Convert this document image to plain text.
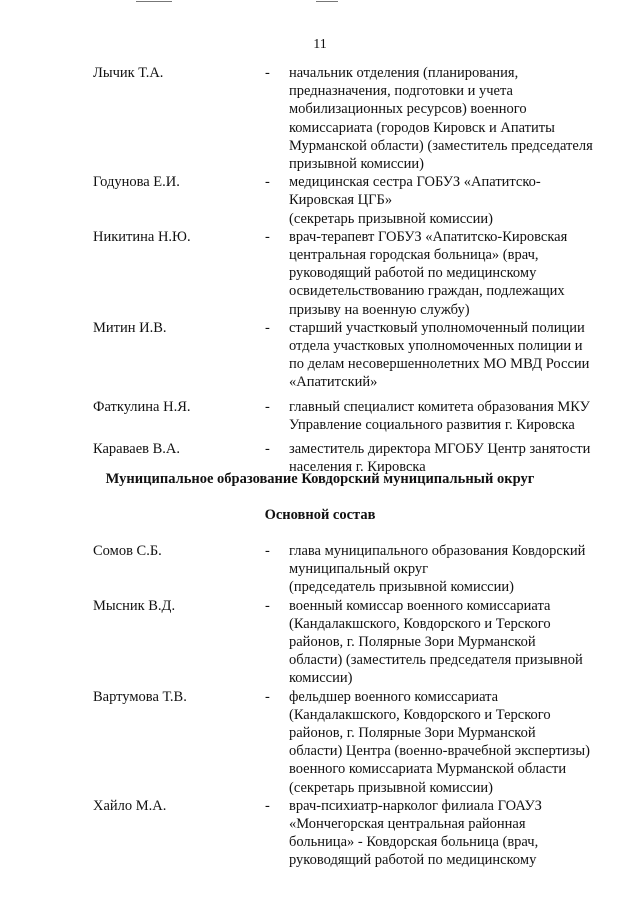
11
Лычик Т.А.	- начальник отделения (планирования,
предназначения, подготовки и учета
мобилизационных ресурсов) военного
комиссариата (городов Кировск и Апатиты
Мурманской области) (заместитель председателя
призывной комиссии)
Годунова Е.И.	- медицинская сестра ГОБУЗ «Апатитско-
Кировская ЦГБ»
(секретарь призывной комиссии)
Никитина Н.Ю.	- врач-терапевт ГОБУЗ «Апатитско-Кировская
центральная городская больница» (врач,
руководящий работой по медицинскому
освидетельствованию граждан, подлежащих
призыву на военную службу)
Митин И.В.	- старший участковый уполномоченный полиции
отдела участковых уполномоченных полиции и
по делам несовершеннолетних МО МВД России
«Апатитский»
Фаткулина Н.Я.	- главный специалист комитета образования МКУ
Управление социального развития г. Кировска
Караваев В.А.	- заместитель директора МГОБУ Центр занятости
населения г. Кировска
Муниципальное образование Ковдорский муниципальный округ
Основной состав
Сомов С.Б.	- глава муниципального образования Ковдорский
муниципальный округ
(председатель призывной комиссии)
Мысник В.Д.	- военный комиссар военного комиссариата
(Кандалакшского, Ковдорского и Терского
районов, г. Полярные Зори Мурманской
области) (заместитель председателя призывной
комиссии)
Вартумова Т.В.	- фельдшер военного комиссариата
(Кандалакшского, Ковдорского и Терского
районов, г. Полярные Зори Мурманской
области) Центра (военно-врачебной экспертизы)
военного комиссариата Мурманской области
(секретарь призывной комиссии)
Хайло М.А.	- врач-психиатр-нарколог филиала ГОАУЗ
«Мончегорская центральная районная
больница» - Ковдорская больница (врач,
руководящий работой по медицинскому
